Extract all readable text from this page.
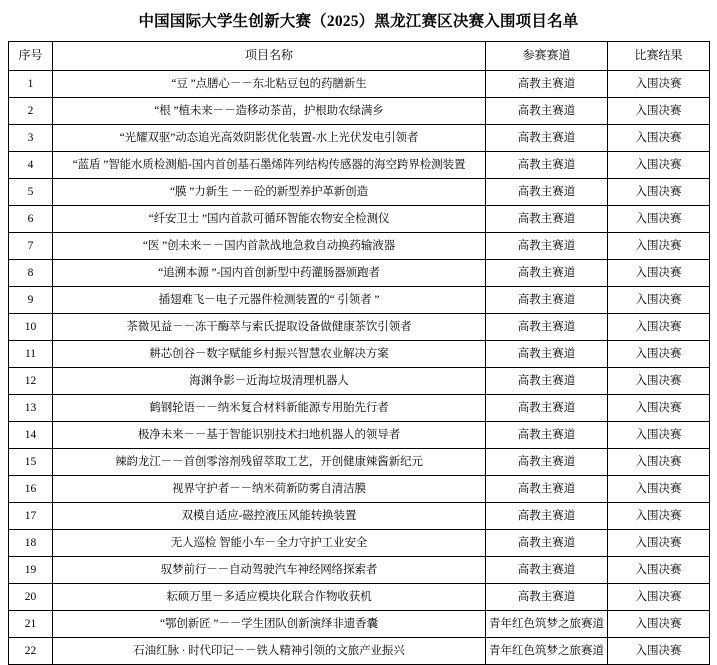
中国国际大学生创新大赛（2025）黑龙江赛区决赛入围项目名单
序号	项目名称	参赛赛道	比赛结果
1	“豆 ”点膳心－－东北粘豆包的药膳新生	高教主赛道	入围决赛
2	“根 ”植未来－－造移动茶苗，护根助农绿满乡	高教主赛道	入围决赛
3	“光耀双驱”动态追光高效阴影优化装置-水上光伏发电引领者	高教主赛道	入围决赛
4	“蓝盾 ”智能水质检测船-国内首创基石墨烯阵列结构传感器的海空跨界检测装置	高教主赛道	入围决赛
5	“膜 ”力新生 －－砼的新型养护革新创造	高教主赛道	入围决赛
6	“纤安卫士 ”国内首款可循环智能农物安全检测仪	高教主赛道	入围决赛
7	“医 ”创未来－－国内首款战地急救自动换药输液器	高教主赛道	入围决赛
8	“追溯本源 ”-国内首创新型中药灌肠器颁跑者	高教主赛道	入围决赛
9	插翅难飞－电子元器件检测装置的“ 引领者 ”	高教主赛道	入围决赛
10	茶微见益－－冻干酶萃与索氏提取设备做健康茶饮引领者	高教主赛道	入围决赛
11	耕芯创谷－数字赋能乡村振兴智慧农业解决方案	高教主赛道	入围决赛
12	海渊争影－近海垃圾清理机器人	高教主赛道	入围决赛
13	鹤钢轮语－－纳米复合材料新能源专用胎先行者	高教主赛道	入围决赛
14	极净未来－－基于智能识别技术扫地机器人的领导者	高教主赛道	入围决赛
15	辣韵龙江－－首创零溶剂残留萃取工艺，开创健康辣酱新纪元	高教主赛道	入围决赛
16	视界守护者－－纳米荷新防雾自清洁膜	高教主赛道	入围决赛
17	双模自适应-磁控液压风能转换装置	高教主赛道	入围决赛
18	无人巡检 智能小车－全力守护工业安全	高教主赛道	入围决赛
19	驭梦前行－－自动驾驶汽车神经网络探索者	高教主赛道	入围决赛
20	耘硕万里－多适应模块化联合作物收获机	高教主赛道	入围决赛
21	“鄂创新匠 ”－－学生团队创新演绎非遗香囊	青年红色筑梦之旅赛道	入围决赛
22	石油红脉 · 时代印记－－铁人精神引领的文旅产业振兴	青年红色筑梦之旅赛道	入围决赛
